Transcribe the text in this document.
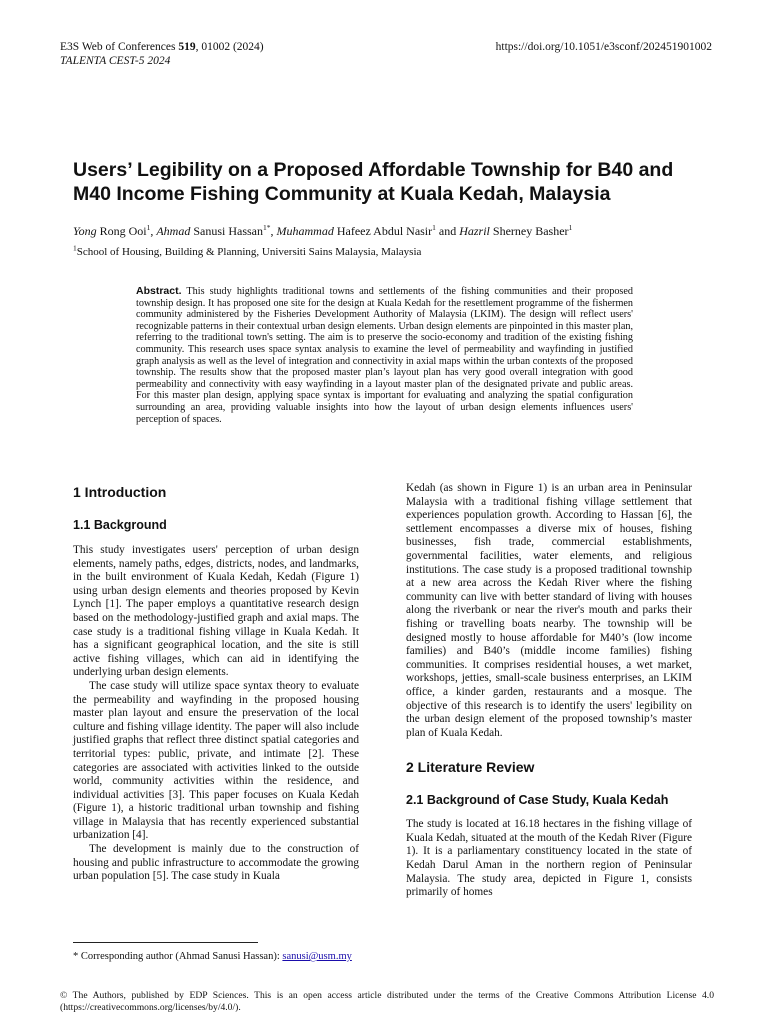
E3S Web of Conferences 519, 01002 (2024)
TALENTA CEST-5 2024
https://doi.org/10.1051/e3sconf/202451901002
Users’ Legibility on a Proposed Affordable Township for B40 and M40 Income Fishing Community at Kuala Kedah, Malaysia
Yong Rong Ooi$^1$, Ahmad Sanusi Hassan$^{1*}$, Muhammad Hafeez Abdul Nasir$^1$ and Hazril Sherney Basher$^1$
$^1$School of Housing, Building & Planning, Universiti Sains Malaysia, Malaysia
Abstract. This study highlights traditional towns and settlements of the fishing communities and their proposed township design. It has proposed one site for the design at Kuala Kedah for the resettlement programme of the fishermen community administered by the Fisheries Development Authority of Malaysia (LKIM). The design will reflect users' recognizable patterns in their contextual urban design elements. Urban design elements are pinpointed in this master plan, referring to the traditional town's setting. The aim is to preserve the socio-economy and tradition of the existing fishing community. This research uses space syntax analysis to examine the level of permeability and wayfinding in justified graph analysis as well as the level of integration and connectivity in axial maps within the urban contexts of the proposed township. The results show that the proposed master plan’s layout plan has very good overall integration with good permeability and connectivity with easy wayfinding in a layout master plan of the designated private and public areas. For this master plan design, applying space syntax is important for evaluating and analyzing the spatial configuration surrounding an area, providing valuable insights into how the layout of urban design elements influences users' perception of spaces.

1 Introduction

1.1 Background

This study investigates users' perception of urban design elements, namely paths, edges, districts, nodes, and landmarks, in the built environment of Kuala Kedah, Kedah (Figure 1) using urban design elements and theories proposed by Kevin Lynch [1]. The paper employs a quantitative research design based on the methodology-justified graph and axial maps. The case study is a traditional fishing village in Kuala Kedah. It has a significant geographical location, and the site is still active fishing villages, which can aid in identifying the underlying urban design elements.

The case study will utilize space syntax theory to evaluate the permeability and wayfinding in the proposed housing master plan layout and ensure the preservation of the local culture and fishing village identity. The paper will also include justified graphs that reflect three distinct spatial categories and territorial types: public, private, and intimate [2]. These categories are associated with activities linked to the outside world, community activities within the residence, and individual activities [3]. This paper focuses on Kuala Kedah (Figure 1), a historic traditional urban township and fishing village in Malaysia that has recently experienced substantial urbanization [4].

The development is mainly due to the construction of housing and public infrastructure to accommodate the growing urban population [5]. The case study in Kuala

Kedah (as shown in Figure 1) is an urban area in Peninsular Malaysia with a traditional fishing village settlement that experiences population growth. According to Hassan [6], the settlement encompasses a diverse mix of houses, fishing businesses, fish trade, commercial establishments, governmental facilities, water elements, and religious institutions. The case study is a proposed traditional township at a new area across the Kedah River where the fishing community can live with better standard of living with houses along the riverbank or near the river's mouth and parks their fishing or travelling boats nearby. The township will be designed mostly to house affordable for M40’s (low income families) and B40’s (middle income families) fishing communities. It comprises residential houses, a wet market, workshops, jetties, small-scale business enterprises, an LKIM office, a kinder garden, restaurants and a mosque. The objective of this research is to identify the users' legibility on the urban design element of the proposed township’s master plan of Kuala Kedah.

2 Literature Review

2.1 Background of Case Study, Kuala Kedah

The study is located at 16.18 hectares in the fishing village of Kuala Kedah, situated at the mouth of the Kedah River (Figure 1). It is a parliamentary constituency located in the state of Kedah Darul Aman in the northern region of Peninsular Malaysia. The study area, depicted in Figure 1, consists primarily of homes

* Corresponding author (Ahmad Sanusi Hassan): sanusi@usm.my
© The Authors, published by EDP Sciences. This is an open access article distributed under the terms of the Creative Commons Attribution License 4.0 (https://creativecommons.org/licenses/by/4.0/).
